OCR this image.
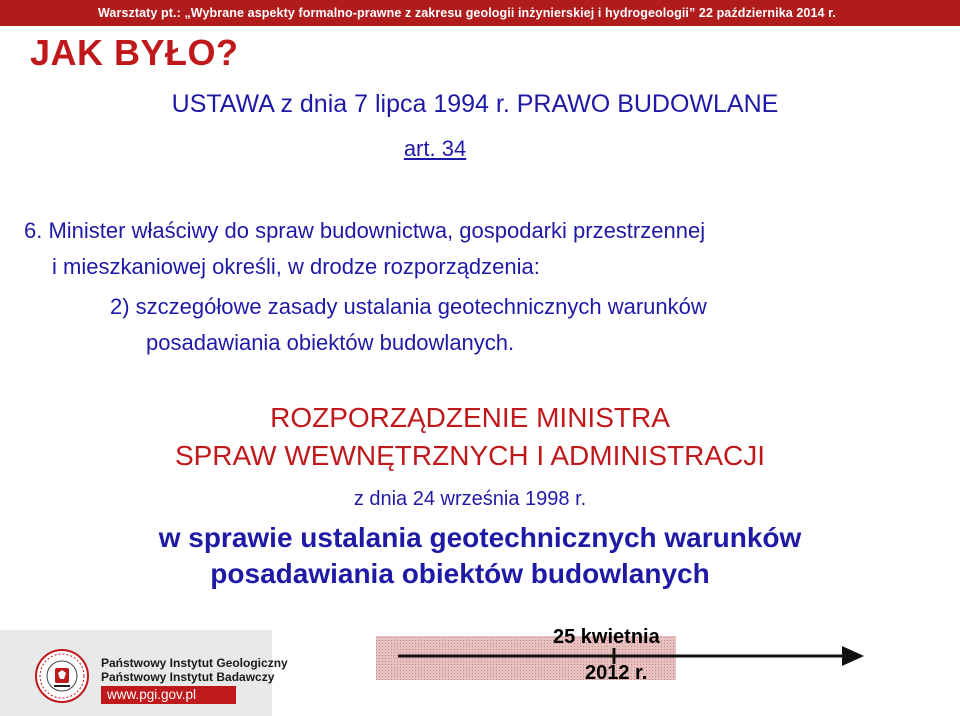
Warsztaty pt.: „Wybrane aspekty formalno-prawne z zakresu geologii inżynierskiej i hydrogeologii” 22 października 2014 r.
JAK BYŁO?
USTAWA z dnia 7 lipca 1994 r. PRAWO BUDOWLANE
art. 34
6. Minister właściwy do spraw budownictwa, gospodarki przestrzennej
i mieszkaniowej określi, w drodze rozporządzenia:
2) szczegółowe zasady ustalania geotechnicznych warunków
posadawiania obiektów budowlanych.
ROZPORZĄDZENIE MINISTRA
SPRAW WEWNĘTRZNYCH I ADMINISTRACJI
z dnia 24 września 1998 r.
w sprawie ustalania geotechnicznych warunków
posadawiania obiektów budowlanych
Państwowy Instytut Geologiczny
Państwowy Instytut Badawczy
www.pgi.gov.pl
25 kwietnia
2012 r.
